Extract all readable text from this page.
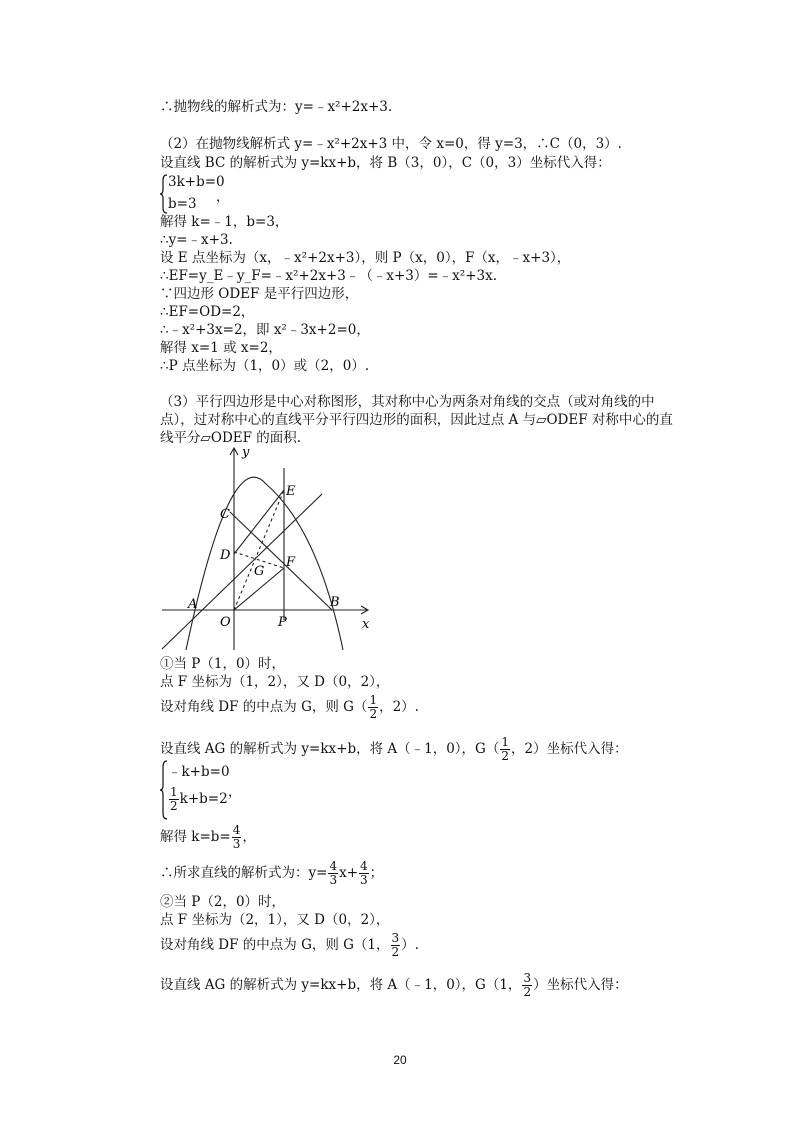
∴抛物线的解析式为：y=﹣x²+2x+3.
（2）在抛物线解析式 y=﹣x²+2x+3 中，令 x=0，得 y=3，∴C（0，3）.
设直线 BC 的解析式为 y=kx+b，将 B（3，0），C（0，3）坐标代入得：
3k+b=0
b=3 ，
解得 k=﹣1，b=3，
∴y=﹣x+3.
设 E 点坐标为（x，﹣x²+2x+3），则 P（x，0），F（x，﹣x+3），
∴EF=y_E﹣y_F=﹣x²+2x+3﹣（﹣x+3）=﹣x²+3x.
∵四边形 ODEF 是平行四边形，
∴EF=OD=2，
∴﹣x²+3x=2，即 x²﹣3x+2=0，
解得 x=1 或 x=2，
∴P 点坐标为（1，0）或（2，0）.
（3）平行四边形是中心对称图形，其对称中心为两条对角线的交点（或对角线的中
点），过对称中心的直线平分平行四边形的面积，因此过点 A 与▱ODEF 对称中心的直
线平分▱ODEF 的面积.
y
x
O
A	B
C
D
E
F
G
P
①当 P（1，0）时，
点 F 坐标为（1，2），又 D（0，2），
设对角线 DF 的中点为 G，则 $G( \frac{1}{2}$ ，2）.
设直线 AG 的解析式为 y=kx+b，将 A（﹣1，0），$G( \frac{1}{2}$ ，2）坐标代入得：
﹣k+b=0
$\frac{1}{2} k+b=2$ ，
解得 $k=b= \frac{4}{3}$ ，
∴所求直线的解析式为：$y= \frac{4}{3} x+ \frac{4}{3}$ ；
②当 P（2，0）时，
点 F 坐标为（2，1），又 D（0，2），
设对角线 DF 的中点为 G，则 G（1， $\frac{3}{2}$ ）.
设直线 AG 的解析式为 y=kx+b，将 A（﹣1，0），G（1， $\frac{3}{2}$ ）坐标代入得：
20
